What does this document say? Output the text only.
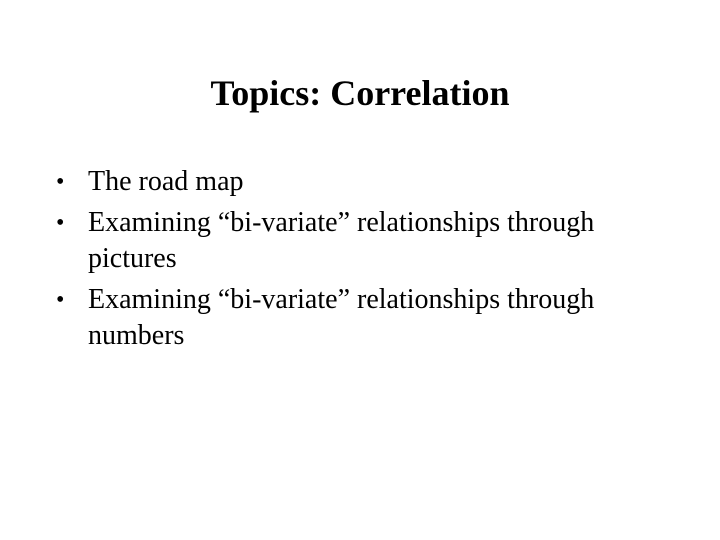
Topics: Correlation
• The road map
• Examining “bi-variate” relationships through pictures
• Examining “bi-variate” relationships through numbers
